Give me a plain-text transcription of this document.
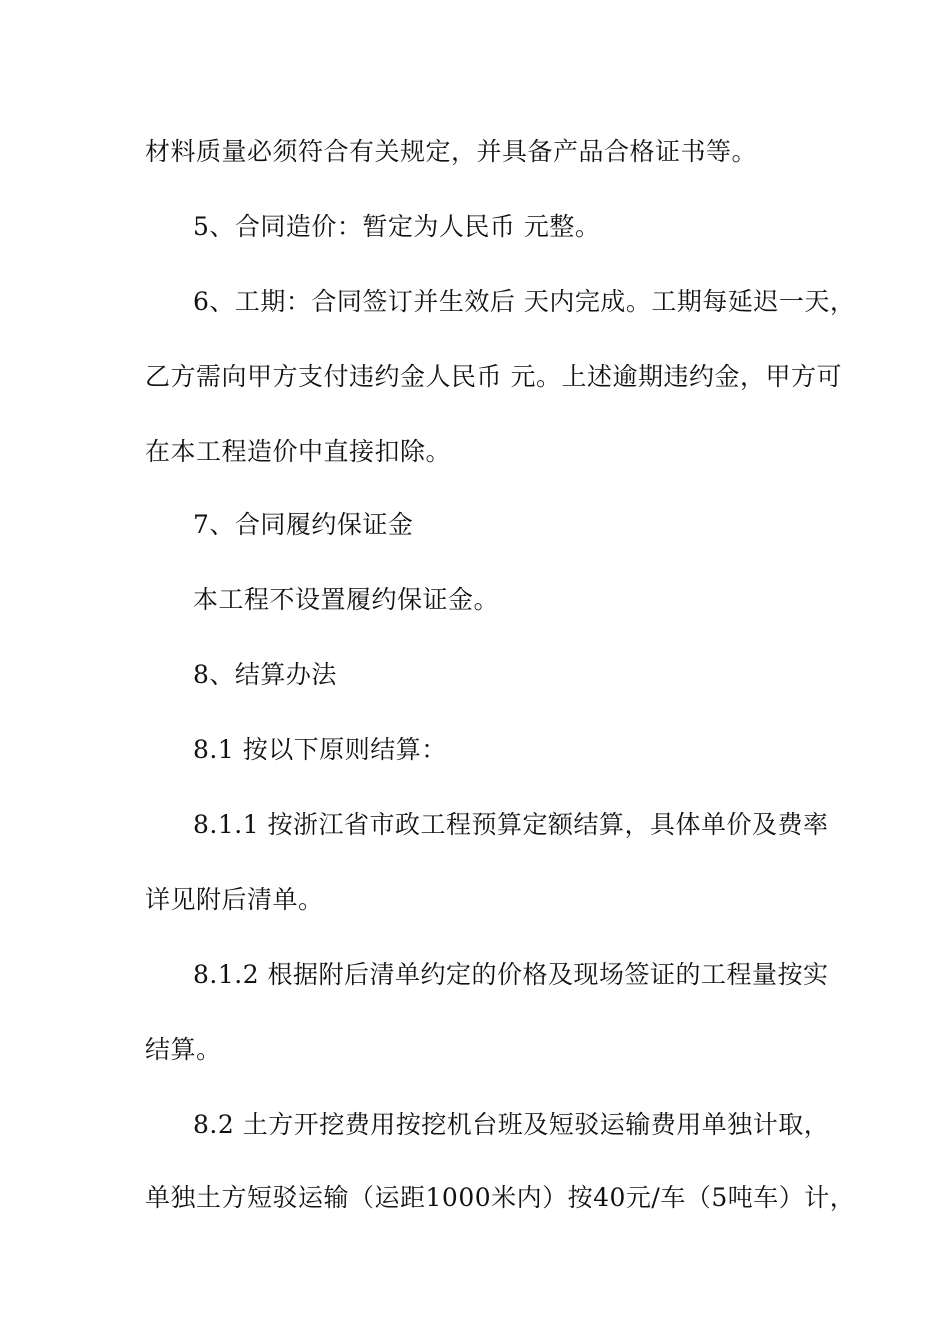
材料质量必须符合有关规定，并具备产品合格证书等。
5、合同造价：暂定为人民币 元整。
6、工期：合同签订并生效后 天内完成。工期每延迟一天，
乙方需向甲方支付违约金人民币 元。上述逾期违约金，甲方可
在本工程造价中直接扣除。
7、合同履约保证金
本工程不设置履约保证金。
8、结算办法
8.1 按以下原则结算：
8.1.1 按浙江省市政工程预算定额结算，具体单价及费率
详见附后清单。
8.1.2 根据附后清单约定的价格及现场签证的工程量按实
结算。
8.2 土方开挖费用按挖机台班及短驳运输费用单独计取，
单独土方短驳运输（运距1000米内）按40元/车（5吨车）计，
